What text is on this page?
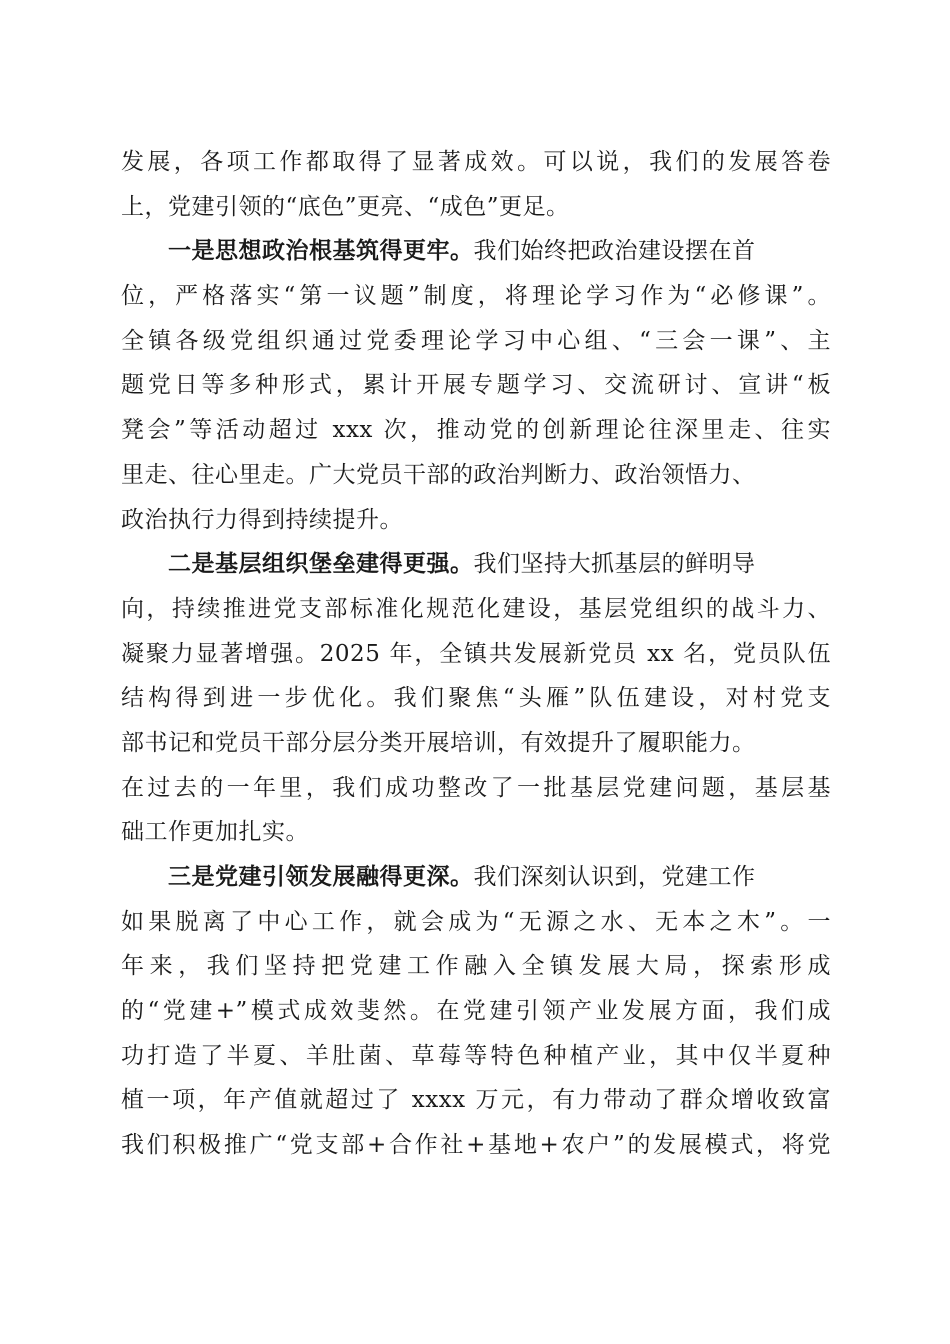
发展，各项工作都取得了显著成效。可以说，我们的发展答卷
上，党建引领的“底色”更亮、“成色”更足。
一是思想政治根基筑得更牢。我们始终把政治建设摆在首
位，严格落实“第一议题”制度，将理论学习作为“必修课”。
全镇各级党组织通过党委理论学习中心组、“三会一课”、主
题党日等多种形式，累计开展专题学习、交流研讨、宣讲“板
凳会”等活动超过 xxx 次，推动党的创新理论往深里走、往实
里走、往心里走。广大党员干部的政治判断力、政治领悟力、
政治执行力得到持续提升。
二是基层组织堡垒建得更强。我们坚持大抓基层的鲜明导
向，持续推进党支部标准化规范化建设，基层党组织的战斗力、
凝聚力显著增强。2025 年，全镇共发展新党员 xx 名，党员队伍
结构得到进一步优化。我们聚焦“头雁”队伍建设，对村党支
部书记和党员干部分层分类开展培训，有效提升了履职能力。
在过去的一年里，我们成功整改了一批基层党建问题，基层基
础工作更加扎实。
三是党建引领发展融得更深。我们深刻认识到，党建工作
如果脱离了中心工作，就会成为“无源之水、无本之木”。一
年来，我们坚持把党建工作融入全镇发展大局，探索形成
的“党建+”模式成效斐然。在党建引领产业发展方面，我们成
功打造了半夏、羊肚菌、草莓等特色种植产业，其中仅半夏种
植一项，年产值就超过了 xxxx 万元，有力带动了群众增收致富
我们积极推广“党支部+合作社+基地+农户”的发展模式，将党
